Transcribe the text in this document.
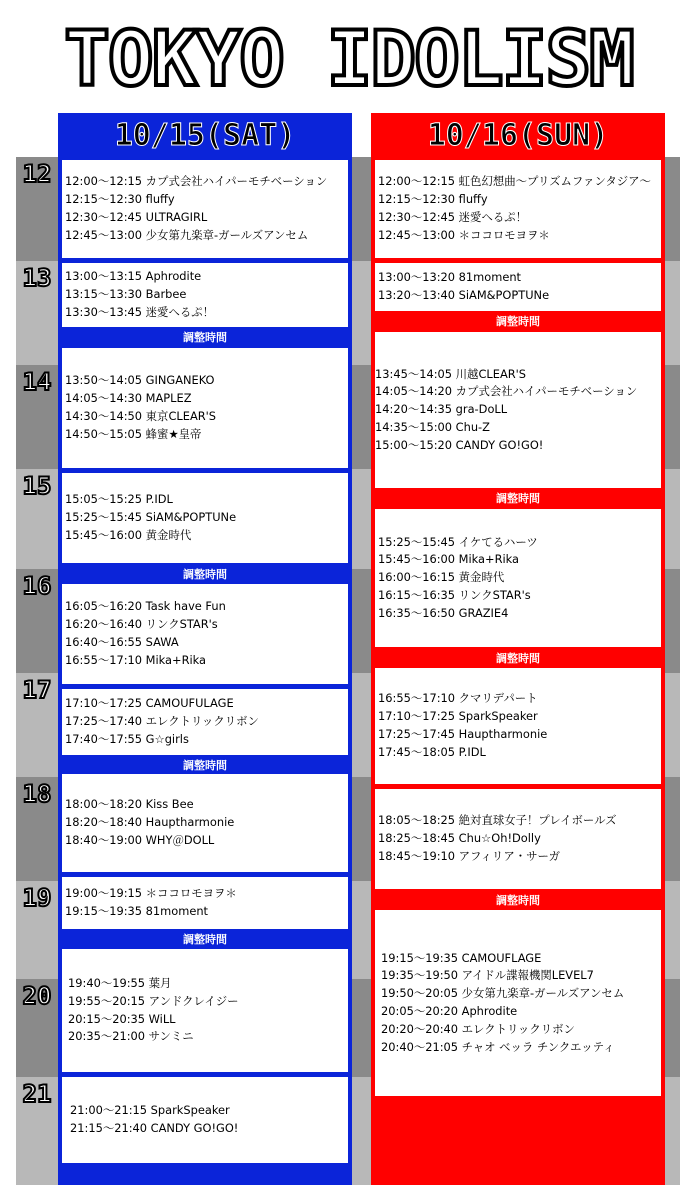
TOKYO IDOLISM
12
13
14
15
16
17
18
19
20
21
10/15(SAT)
12:00〜12:15 カプ式会社ハイパーモチベーション
12:15〜12:30 fluffy
12:30〜12:45 ULTRAGIRL
12:45〜13:00 少女第九楽章-ガールズアンセム
13:00〜13:15 Aphrodite
13:15〜13:30 Barbee
13:30〜13:45 迷愛へるぷ！
調整時間
13:50〜14:05 GINGANEKO
14:05〜14:30 MAPLEZ
14:30〜14:50 東京CLEAR'S
14:50〜15:05 蜂蜜★皇帝
15:05〜15:25 P.IDL
15:25〜15:45 SiAM&POPTUNe
15:45〜16:00 黄金時代
調整時間
16:05〜16:20 Task have Fun
16:20〜16:40 リンクSTAR's
16:40〜16:55 SAWA
16:55〜17:10 Mika+Rika
17:10〜17:25 CAMOUFULAGE
17:25〜17:40 エレクトリックリボン
17:40〜17:55 G☆girls
調整時間
18:00〜18:20 Kiss Bee
18:20〜18:40 Hauptharmonie
18:40〜19:00 WHY＠DOLL
19:00〜19:15 ＊ココロモヨヲ＊
19:15〜19:35 81moment
調整時間
19:40〜19:55 葉月
19:55〜20:15 アンドクレイジー
20:15〜20:35 WiLL
20:35〜21:00 サンミニ
21:00〜21:15 SparkSpeaker
21:15〜21:40 CANDY GO!GO!
10/16(SUN)
12:00〜12:15 虹色幻想曲〜プリズムファンタジア〜
12:15〜12:30 fluffy
12:30〜12:45 迷愛へるぷ！
12:45〜13:00 ＊ココロモヨヲ＊
13:00〜13:20 81moment
13:20〜13:40 SiAM&POPTUNe
調整時間
13:45〜14:05 川越CLEAR'S
14:05〜14:20 カプ式会社ハイパーモチベーション
14:20〜14:35 gra-DoLL
14:35〜15:00 Chu-Z
15:00〜15:20 CANDY GO!GO!
調整時間
15:25〜15:45 イケてるハーツ
15:45〜16:00 Mika+Rika
16:00〜16:15 黄金時代
16:15〜16:35 リンクSTAR's
16:35〜16:50 GRAZIE4
調整時間
16:55〜17:10 クマリデパート
17:10〜17:25 SparkSpeaker
17:25〜17:45 Hauptharmonie
17:45〜18:05 P.IDL
18:05〜18:25 絶対直球女子！プレイボールズ
18:25〜18:45 Chu☆Oh!Dolly
18:45〜19:10 アフィリア・サーガ
調整時間
19:15〜19:35 CAMOUFLAGE
19:35〜19:50 アイドル諜報機関LEVEL7
19:50〜20:05 少女第九楽章-ガールズアンセム
20:05〜20:20 Aphrodite
20:20〜20:40 エレクトリックリボン
20:40〜21:05 チャオ ベッラ チンクエッティ
